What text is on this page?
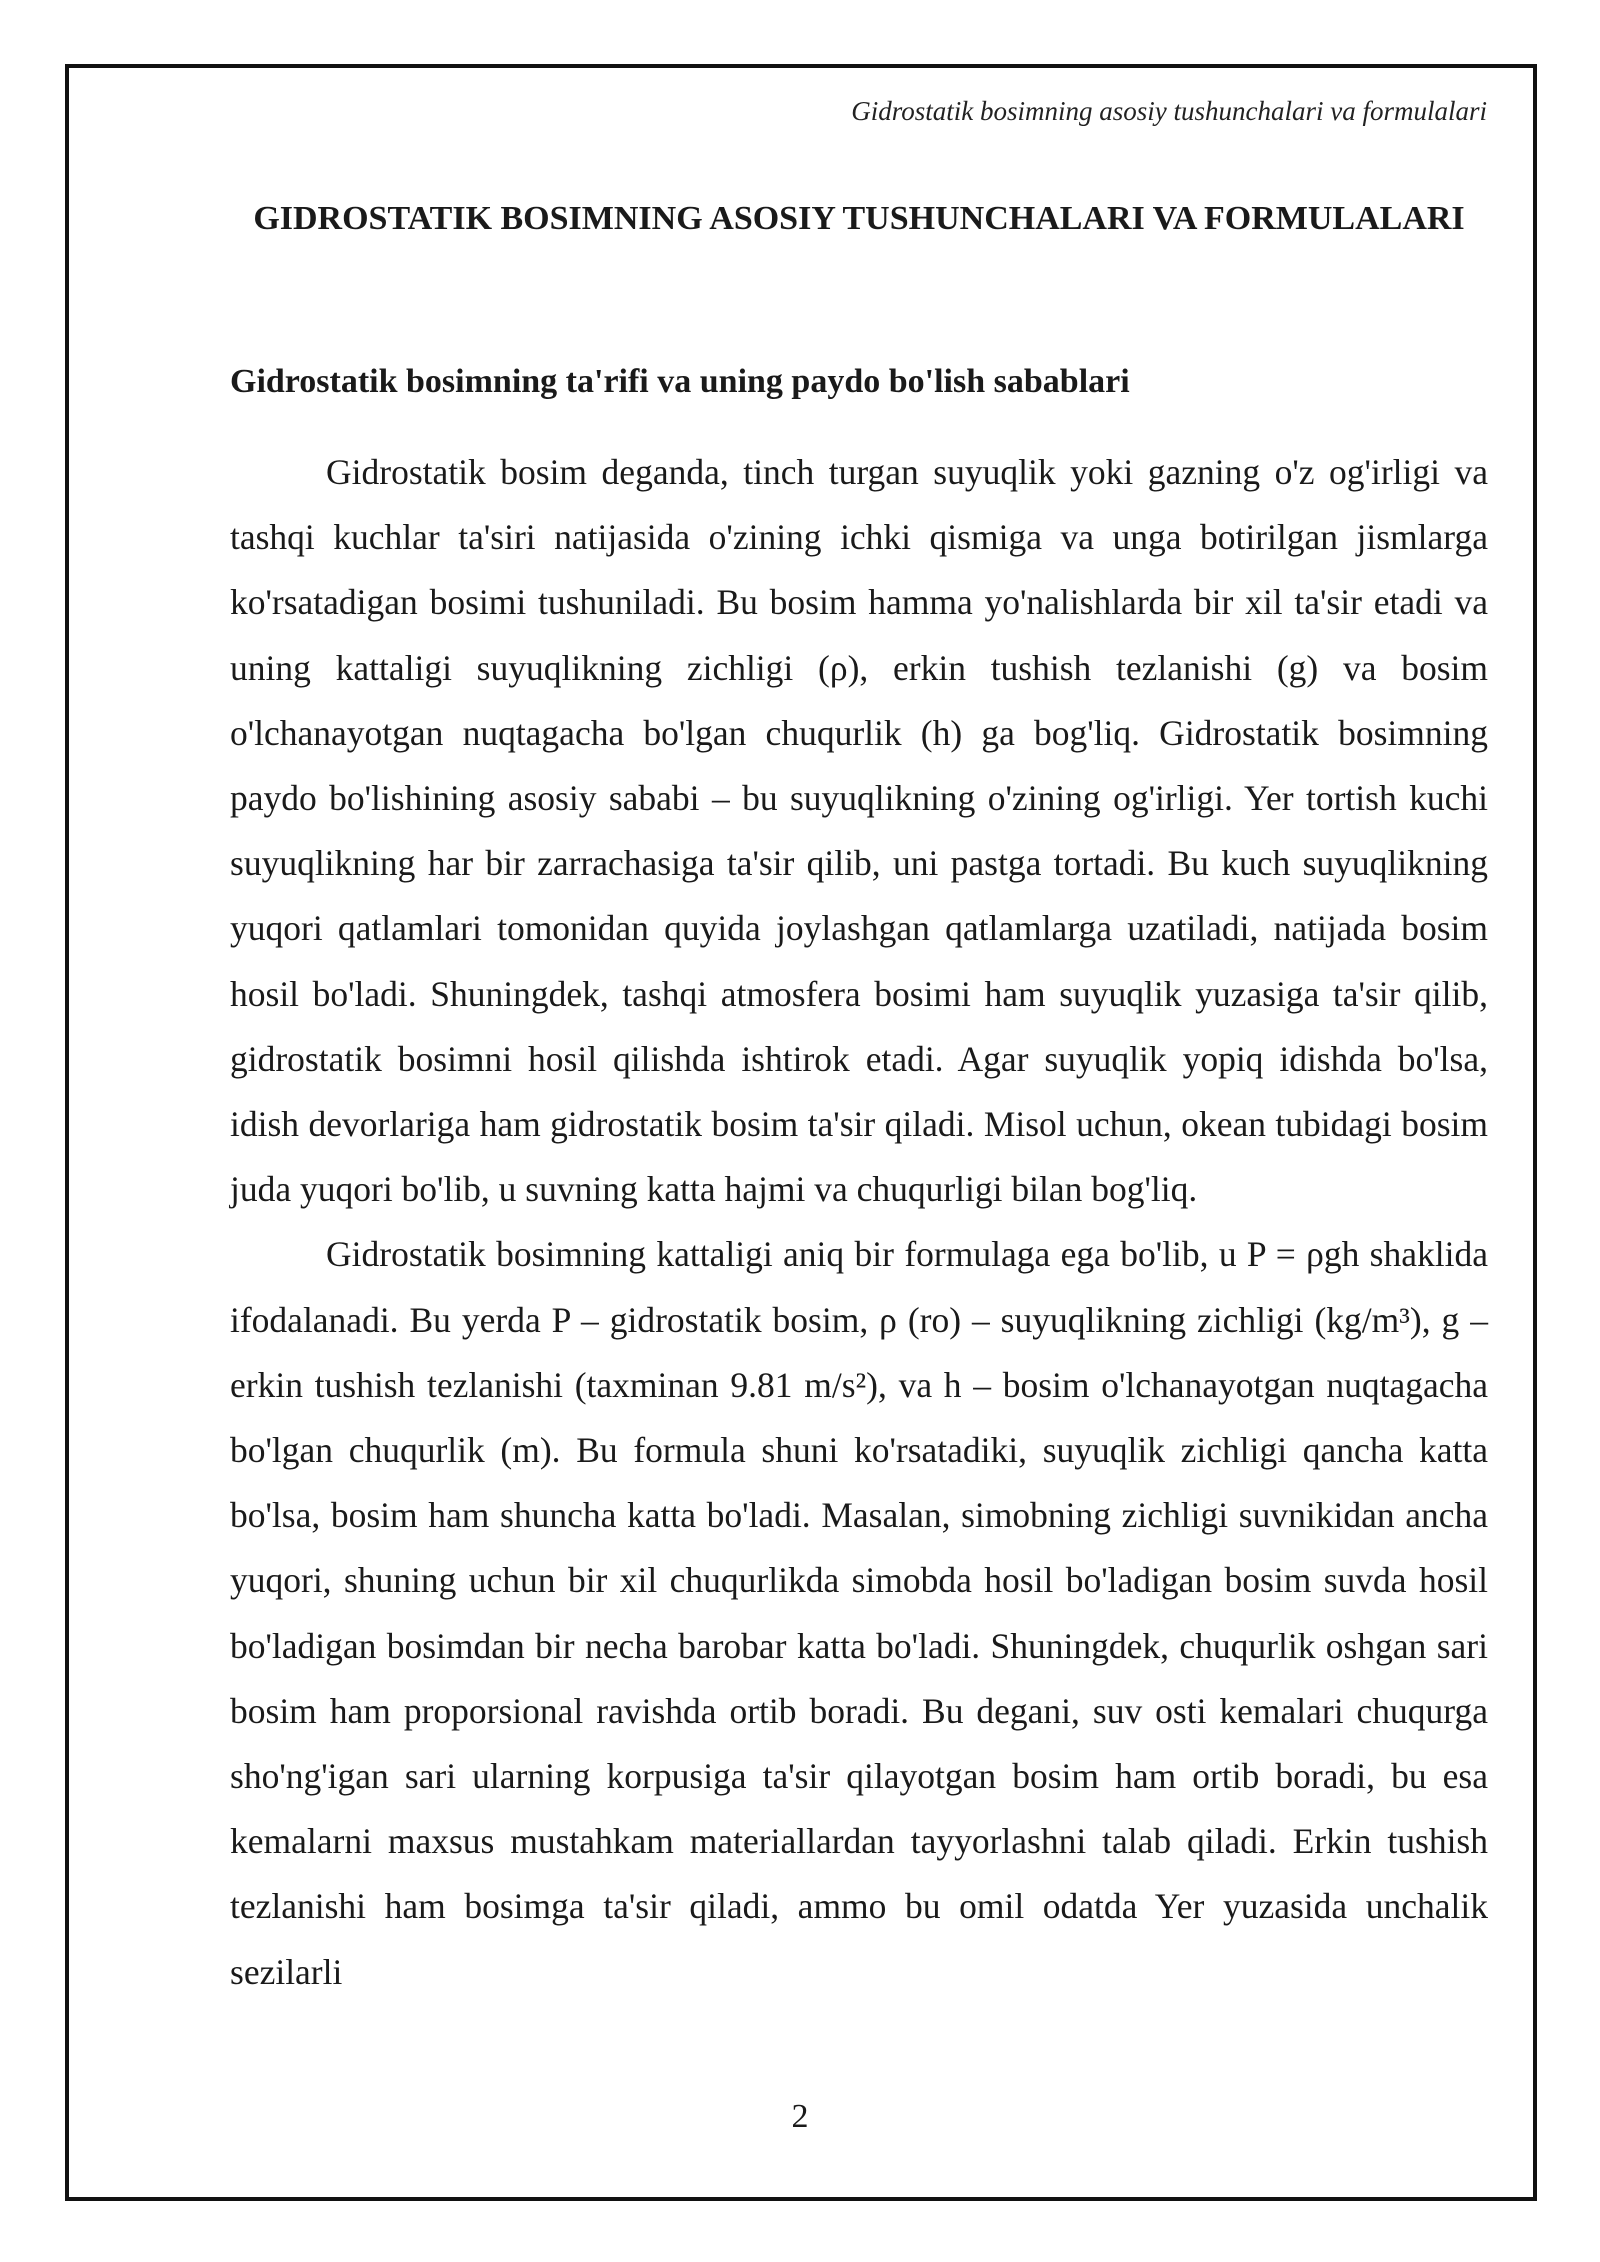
Gidrostatik bosimning asosiy tushunchalari va formulalari
GIDROSTATIK BOSIMNING ASOSIY TUSHUNCHALARI VA FORMULALARI
Gidrostatik bosimning ta'rifi va uning paydo bo'lish sabablari

Gidrostatik bosim deganda, tinch turgan suyuqlik yoki gazning o'z og'irligi va tashqi kuchlar ta'siri natijasida o'zining ichki qismiga va unga botirilgan jismlarga ko'rsatadigan bosimi tushuniladi. Bu bosim hamma yo'nalishlarda bir xil ta'sir etadi va uning kattaligi suyuqlikning zichligi (ρ), erkin tushish tezlanishi (g) va bosim o'lchanayotgan nuqtagacha bo'lgan chuqurlik (h) ga bog'liq. Gidrostatik bosimning paydo bo'lishining asosiy sababi – bu suyuqlikning o'zining og'irligi. Yer tortish kuchi suyuqlikning har bir zarrachasiga ta'sir qilib, uni pastga tortadi. Bu kuch suyuqlikning yuqori qatlamlari tomonidan quyida joylashgan qatlamlarga uzatiladi, natijada bosim hosil bo'ladi. Shuningdek, tashqi atmosfera bosimi ham suyuqlik yuzasiga ta'sir qilib, gidrostatik bosimni hosil qilishda ishtirok etadi. Agar suyuqlik yopiq idishda bo'lsa, idish devorlariga ham gidrostatik bosim ta'sir qiladi. Misol uchun, okean tubidagi bosim juda yuqori bo'lib, u suvning katta hajmi va chuqurligi bilan bog'liq.

Gidrostatik bosimning kattaligi aniq bir formulaga ega bo'lib, u P = ρgh shaklida ifodalanadi. Bu yerda P – gidrostatik bosim, ρ (ro) – suyuqlikning zichligi (kg/m³), g – erkin tushish tezlanishi (taxminan 9.81 m/s²), va h – bosim o'lchanayotgan nuqtagacha bo'lgan chuqurlik (m). Bu formula shuni ko'rsatadiki, suyuqlik zichligi qancha katta bo'lsa, bosim ham shuncha katta bo'ladi. Masalan, simobning zichligi suvnikidan ancha yuqori, shuning uchun bir xil chuqurlikda simobda hosil bo'ladigan bosim suvda hosil bo'ladigan bosimdan bir necha barobar katta bo'ladi. Shuningdek, chuqurlik oshgan sari bosim ham proporsional ravishda ortib boradi. Bu degani, suv osti kemalari chuqurga sho'ng'igan sari ularning korpusiga ta'sir qilayotgan bosim ham ortib boradi, bu esa kemalarni maxsus mustahkam materiallardan tayyorlashni talab qiladi. Erkin tushish tezlanishi ham bosimga ta'sir qiladi, ammo bu omil odatda Yer yuzasida unchalik sezilarli

2
